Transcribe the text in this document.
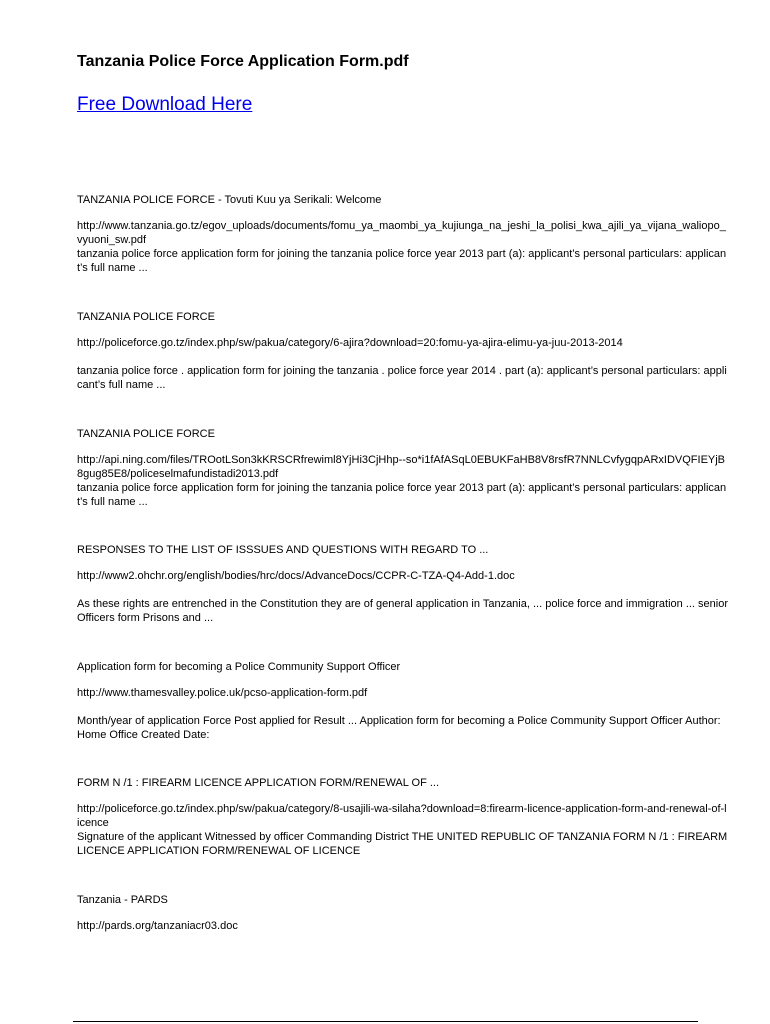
Tanzania Police Force Application Form.pdf
Free Download Here

TANZANIA POLICE FORCE - Tovuti Kuu ya Serikali: Welcome

http://www.tanzania.go.tz/egov_uploads/documents/fomu_ya_maombi_ya_kujiunga_na_jeshi_la_polisi_kwa_ajili_ya_vijana_waliopo_vyuoni_sw.pdf

tanzania police force application form for joining the tanzania police force year 2013 part (a): applicant’s personal particulars: applicant’s full name ...

TANZANIA POLICE FORCE

http://policeforce.go.tz/index.php/sw/pakua/category/6-ajira?download=20:fomu-ya-ajira-elimu-ya-juu-2013-2014

tanzania police force . application form for joining the tanzania . police force year 2014 . part (a): applicant’s personal particulars: applicant’s full name ...

TANZANIA POLICE FORCE

http://api.ning.com/files/TROotLSon3kKRSCRfrewiml8YjHi3CjHhp--so*i1fAfASqL0EBUKFaHB8V8rsfR7NNLCvfygqpARxIDVQFIEYjB8gug85E8/policeselmafundistadi2013.pdf

tanzania police force application form for joining the tanzania police force year 2013 part (a): applicant’s personal particulars: applicant’s full name ...

RESPONSES TO THE LIST OF ISSSUES AND QUESTIONS WITH REGARD TO ...

http://www2.ohchr.org/english/bodies/hrc/docs/AdvanceDocs/CCPR-C-TZA-Q4-Add-1.doc

As these rights are entrenched in the Constitution they are of general application in Tanzania, ... police force and immigration ... senior Officers form Prisons and ...

Application form for becoming a Police Community Support Officer

http://www.thamesvalley.police.uk/pcso-application-form.pdf

Month/year of application Force Post applied for Result ... Application form for becoming a Police Community Support Officer Author: Home Office Created Date:

FORM N /1 : FIREARM LICENCE APPLICATION FORM/RENEWAL OF ...

http://policeforce.go.tz/index.php/sw/pakua/category/8-usajili-wa-silaha?download=8:firearm-licence-application-form-and-renewal-of-licence

Signature of the applicant Witnessed by officer Commanding District THE UNITED REPUBLIC OF TANZANIA FORM N /1 : FIREARM LICENCE APPLICATION FORM/RENEWAL OF LICENCE

Tanzania - PARDS

http://pards.org/tanzaniacr03.doc
